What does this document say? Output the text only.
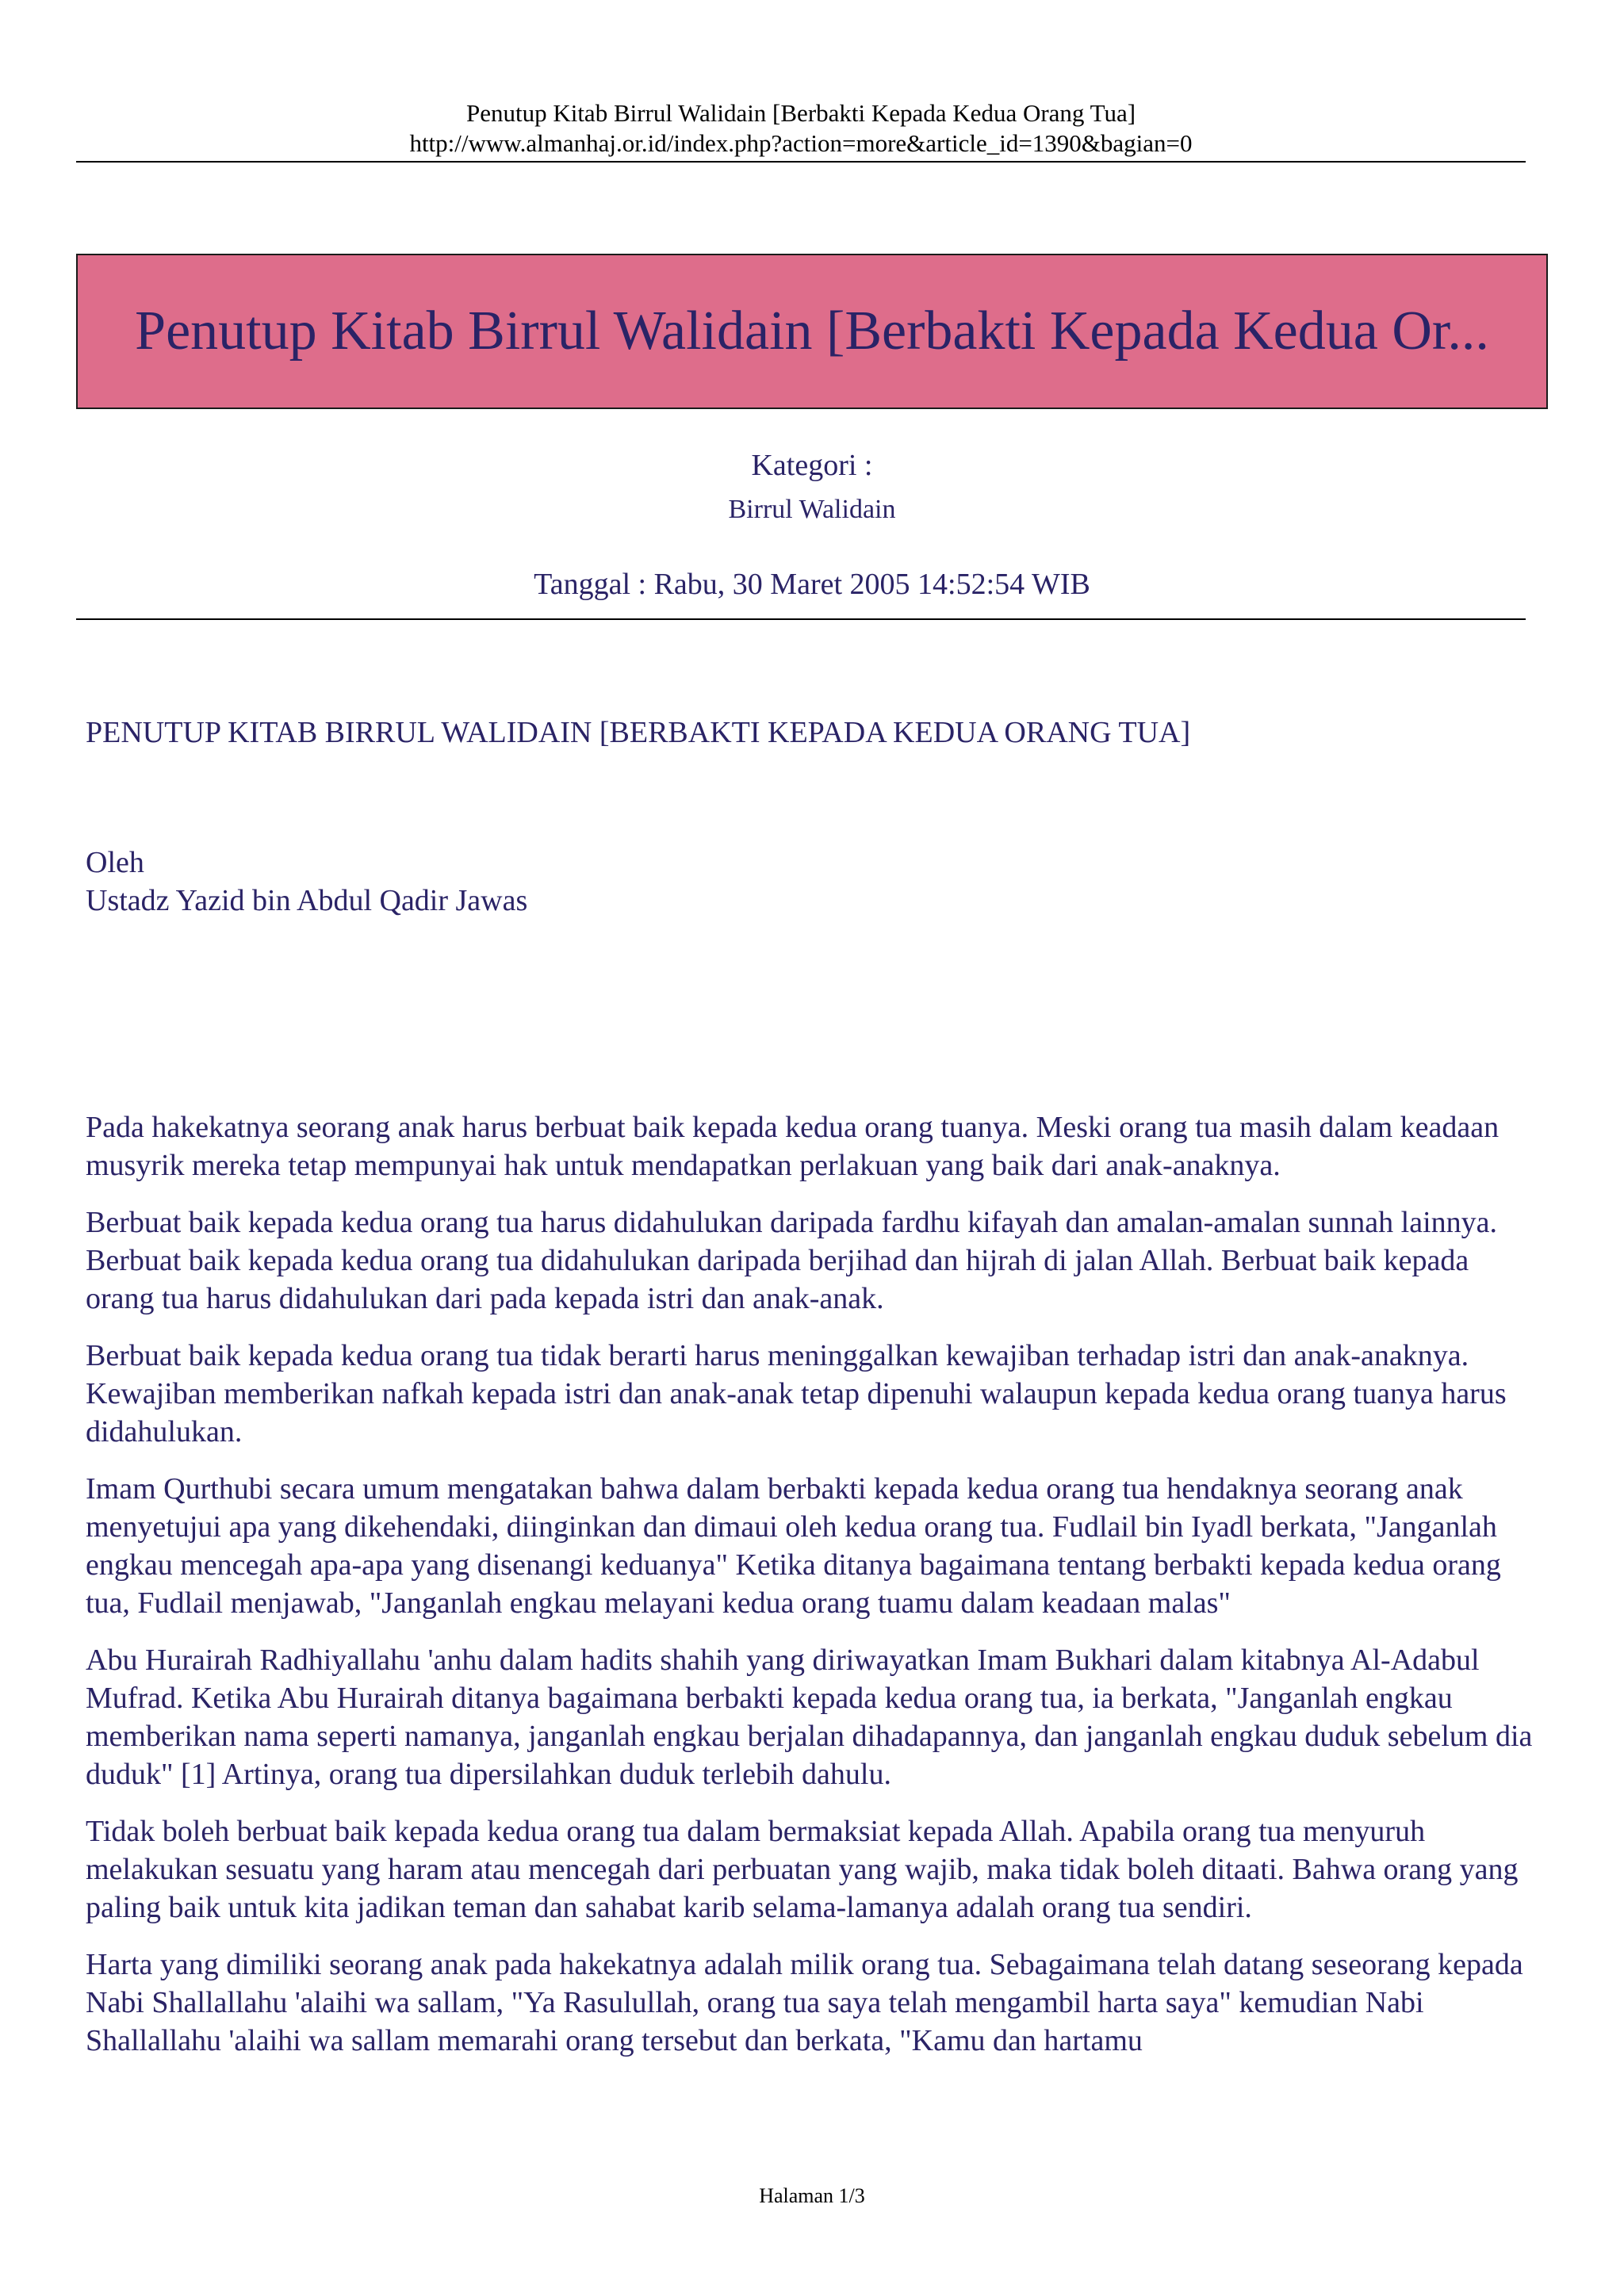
Penutup Kitab Birrul Walidain [Berbakti Kepada Kedua Orang Tua]
http://www.almanhaj.or.id/index.php?action=more&article_id=1390&bagian=0
Penutup Kitab Birrul Walidain [Berbakti Kepada Kedua Or...
Kategori :
Birrul Walidain
Tanggal : Rabu, 30 Maret 2005 14:52:54 WIB
PENUTUP KITAB BIRRUL WALIDAIN [BERBAKTI KEPADA KEDUA ORANG TUA]
Oleh
Ustadz Yazid bin Abdul Qadir Jawas

Pada hakekatnya seorang anak harus berbuat baik kepada kedua orang tuanya. Meski orang tua masih dalam keadaan musyrik mereka tetap mempunyai hak untuk mendapatkan perlakuan yang baik dari anak-anaknya.

Berbuat baik kepada kedua orang tua harus didahulukan daripada fardhu kifayah dan amalan-amalan sunnah lainnya. Berbuat baik kepada kedua orang tua didahulukan daripada berjihad dan hijrah di jalan Allah. Berbuat baik kepada orang tua harus didahulukan dari pada kepada istri dan anak-anak.

Berbuat baik kepada kedua orang tua tidak berarti harus meninggalkan kewajiban terhadap istri dan anak-anaknya. Kewajiban memberikan nafkah kepada istri dan anak-anak tetap dipenuhi walaupun kepada kedua orang tuanya harus didahulukan.

Imam Qurthubi secara umum mengatakan bahwa dalam berbakti kepada kedua orang tua hendaknya seorang anak menyetujui apa yang dikehendaki, diinginkan dan dimaui oleh kedua orang tua. Fudlail bin Iyadl berkata, "Janganlah engkau mencegah apa-apa yang disenangi keduanya" Ketika ditanya bagaimana tentang berbakti kepada kedua orang tua, Fudlail menjawab, "Janganlah engkau melayani kedua orang tuamu dalam keadaan malas"

Abu Hurairah Radhiyallahu 'anhu dalam hadits shahih yang diriwayatkan Imam Bukhari dalam kitabnya Al-Adabul Mufrad. Ketika Abu Hurairah ditanya bagaimana berbakti kepada kedua orang tua, ia berkata, "Janganlah engkau memberikan nama seperti namanya, janganlah engkau berjalan dihadapannya, dan janganlah engkau duduk sebelum dia duduk" [1] Artinya, orang tua dipersilahkan duduk terlebih dahulu.

Tidak boleh berbuat baik kepada kedua orang tua dalam bermaksiat kepada Allah. Apabila orang tua menyuruh melakukan sesuatu yang haram atau mencegah dari perbuatan yang wajib, maka tidak boleh ditaati. Bahwa orang yang paling baik untuk kita jadikan teman dan sahabat karib selama-lamanya adalah orang tua sendiri.

Harta yang dimiliki seorang anak pada hakekatnya adalah milik orang tua. Sebagaimana telah datang seseorang kepada Nabi Shallallahu 'alaihi wa sallam, "Ya Rasulullah, orang tua saya telah mengambil harta saya" kemudian Nabi Shallallahu 'alaihi wa sallam memarahi orang tersebut dan berkata, "Kamu dan hartamu

Halaman 1/3
